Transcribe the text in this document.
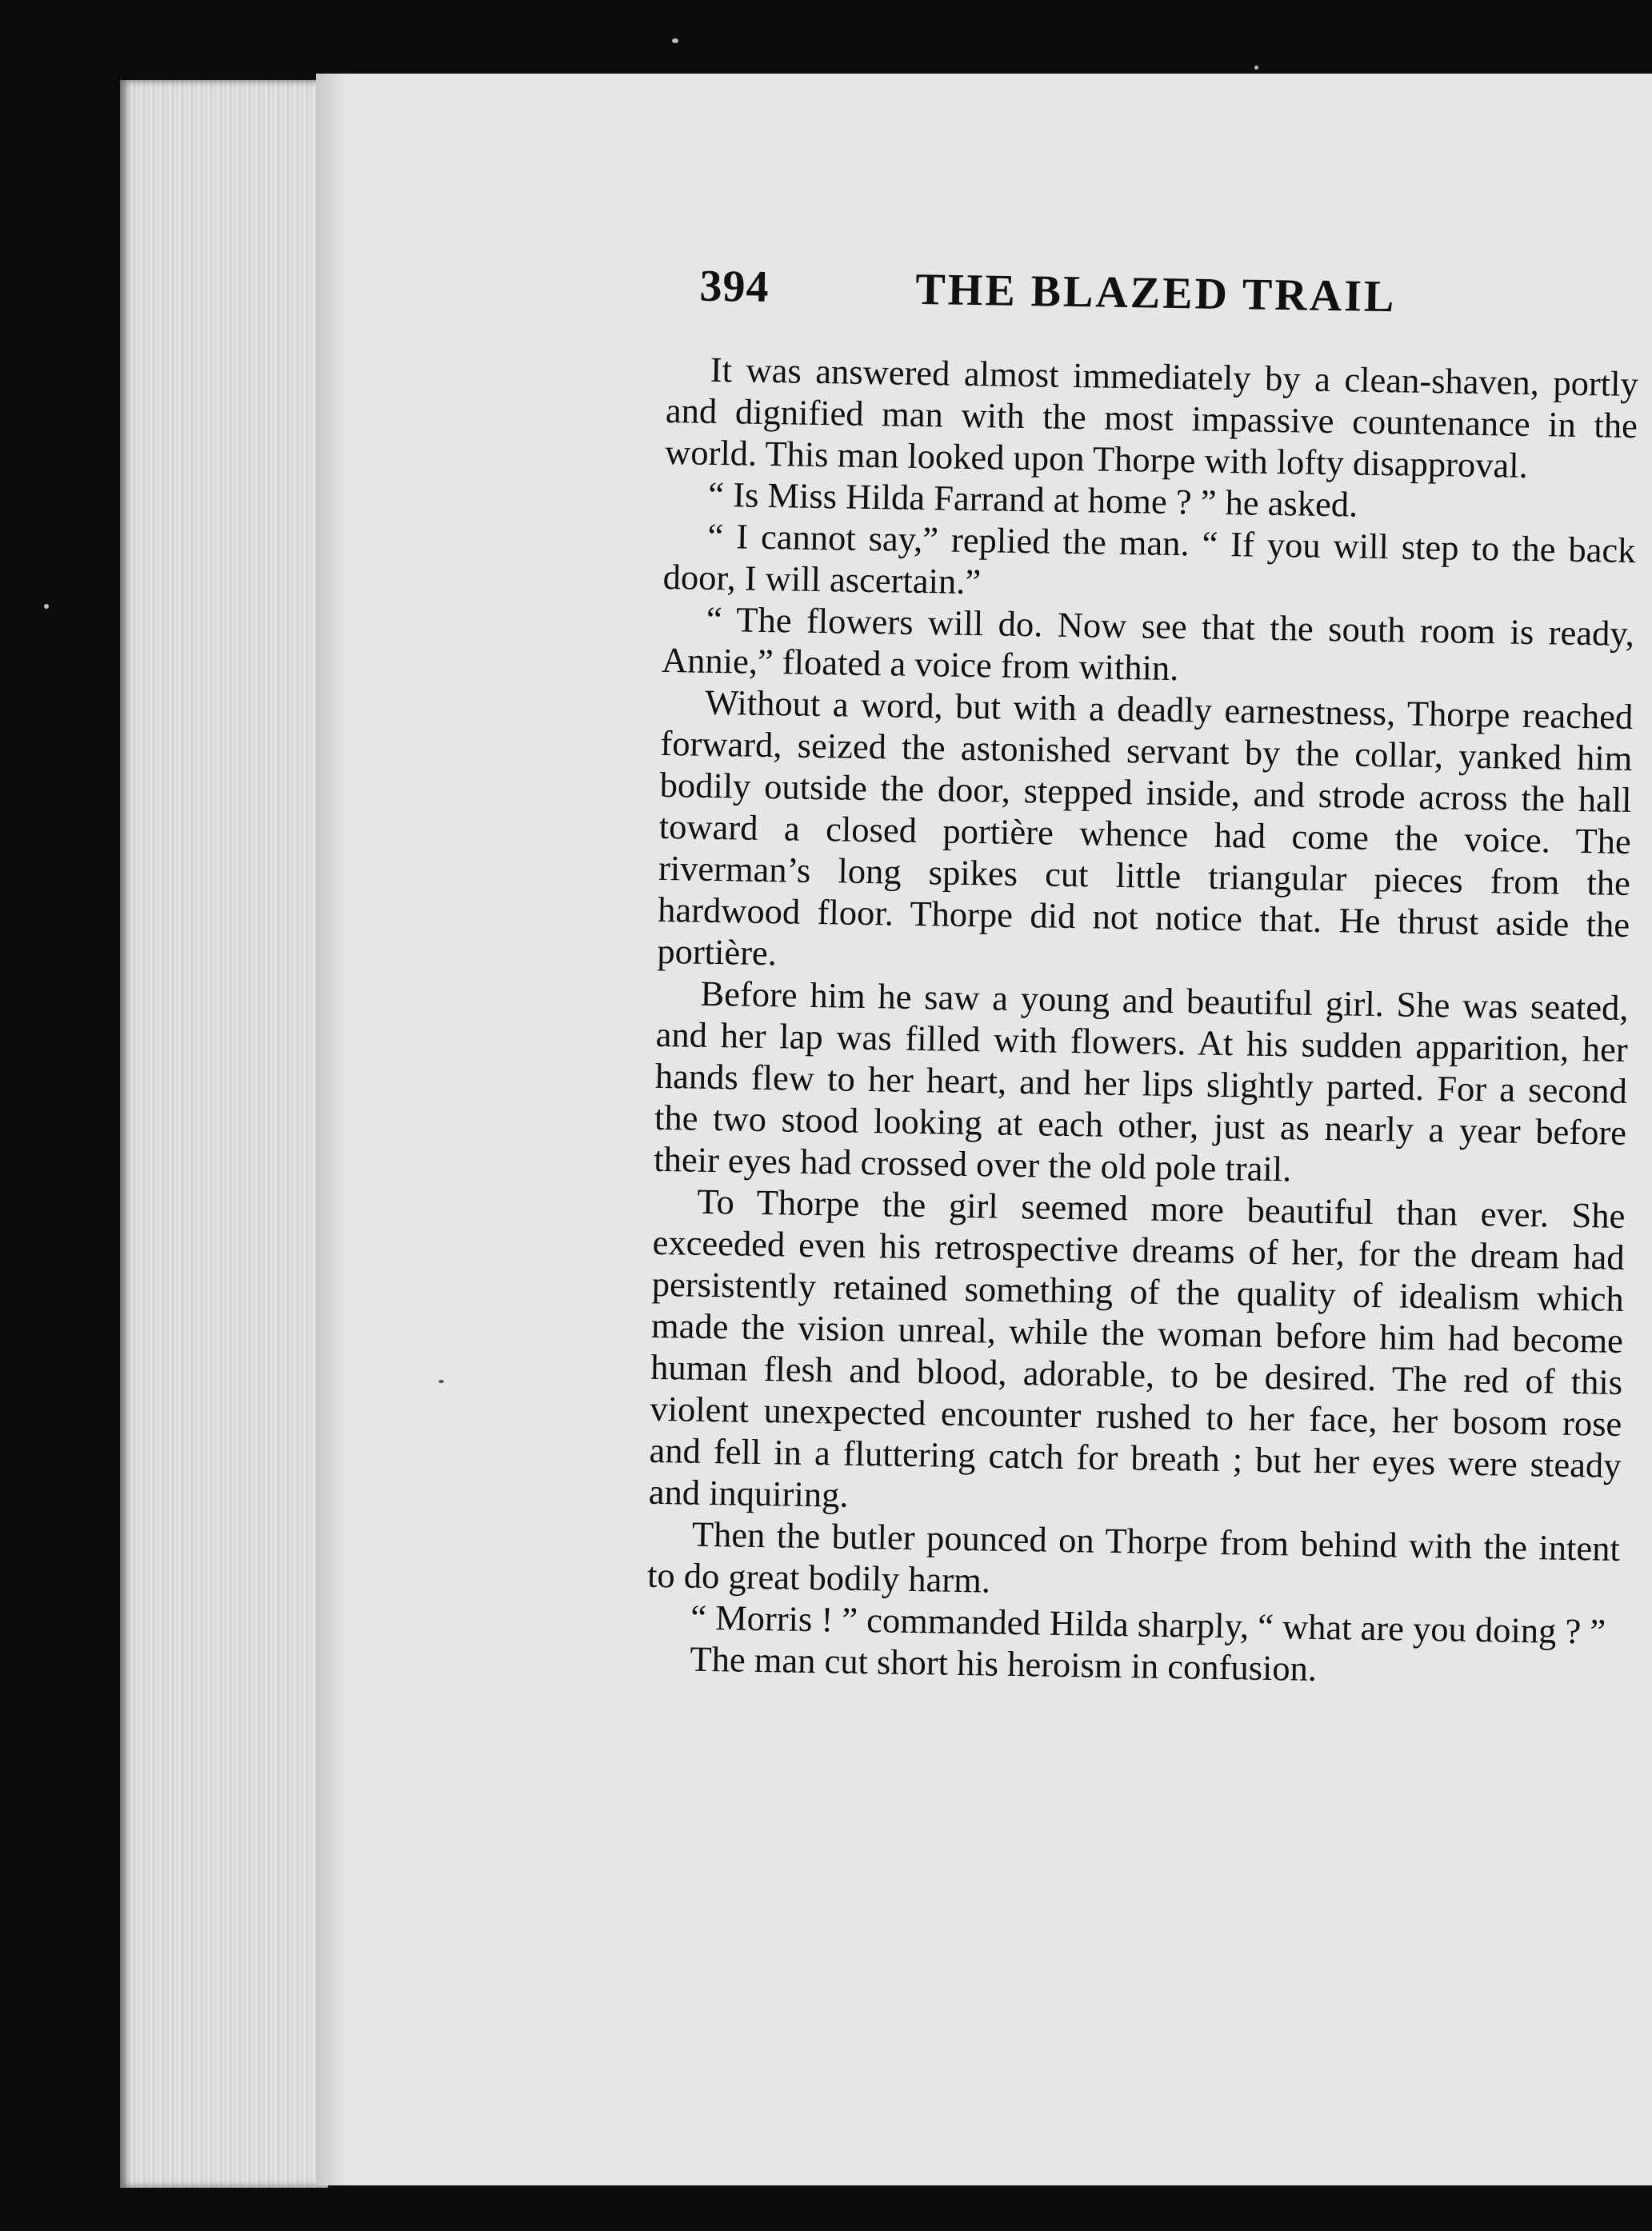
394	THE BLAZED TRAIL

It was answered almost immediately by a clean-shaven, portly and dignified man with the most impassive countenance in the world. This man looked upon Thorpe with lofty disapproval.

“ Is Miss Hilda Farrand at home ? ” he asked.

“ I cannot say,” replied the man. “ If you will step to the back door, I will ascertain.”

“ The flowers will do. Now see that the south room is ready, Annie,” floated a voice from within.

Without a word, but with a deadly earnestness, Thorpe reached forward, seized the astonished servant by the collar, yanked him bodily outside the door, stepped inside, and strode across the hall toward a closed portière whence had come the voice. The riverman’s long spikes cut little triangular pieces from the hardwood floor. Thorpe did not notice that. He thrust aside the portière.

Before him he saw a young and beautiful girl. She was seated, and her lap was filled with flowers. At his sudden apparition, her hands flew to her heart, and her lips slightly parted. For a second the two stood looking at each other, just as nearly a year before their eyes had crossed over the old pole trail.

To Thorpe the girl seemed more beautiful than ever. She exceeded even his retrospective dreams of her, for the dream had persistently retained something of the quality of idealism which made the vision unreal, while the woman before him had become human flesh and blood, adorable, to be desired. The red of this violent unexpected encounter rushed to her face, her bosom rose and fell in a fluttering catch for breath ; but her eyes were steady and inquiring.

Then the butler pounced on Thorpe from behind with the intent to do great bodily harm.

“ Morris ! ” commanded Hilda sharply, “ what are you doing ? ”

The man cut short his heroism in confusion.
